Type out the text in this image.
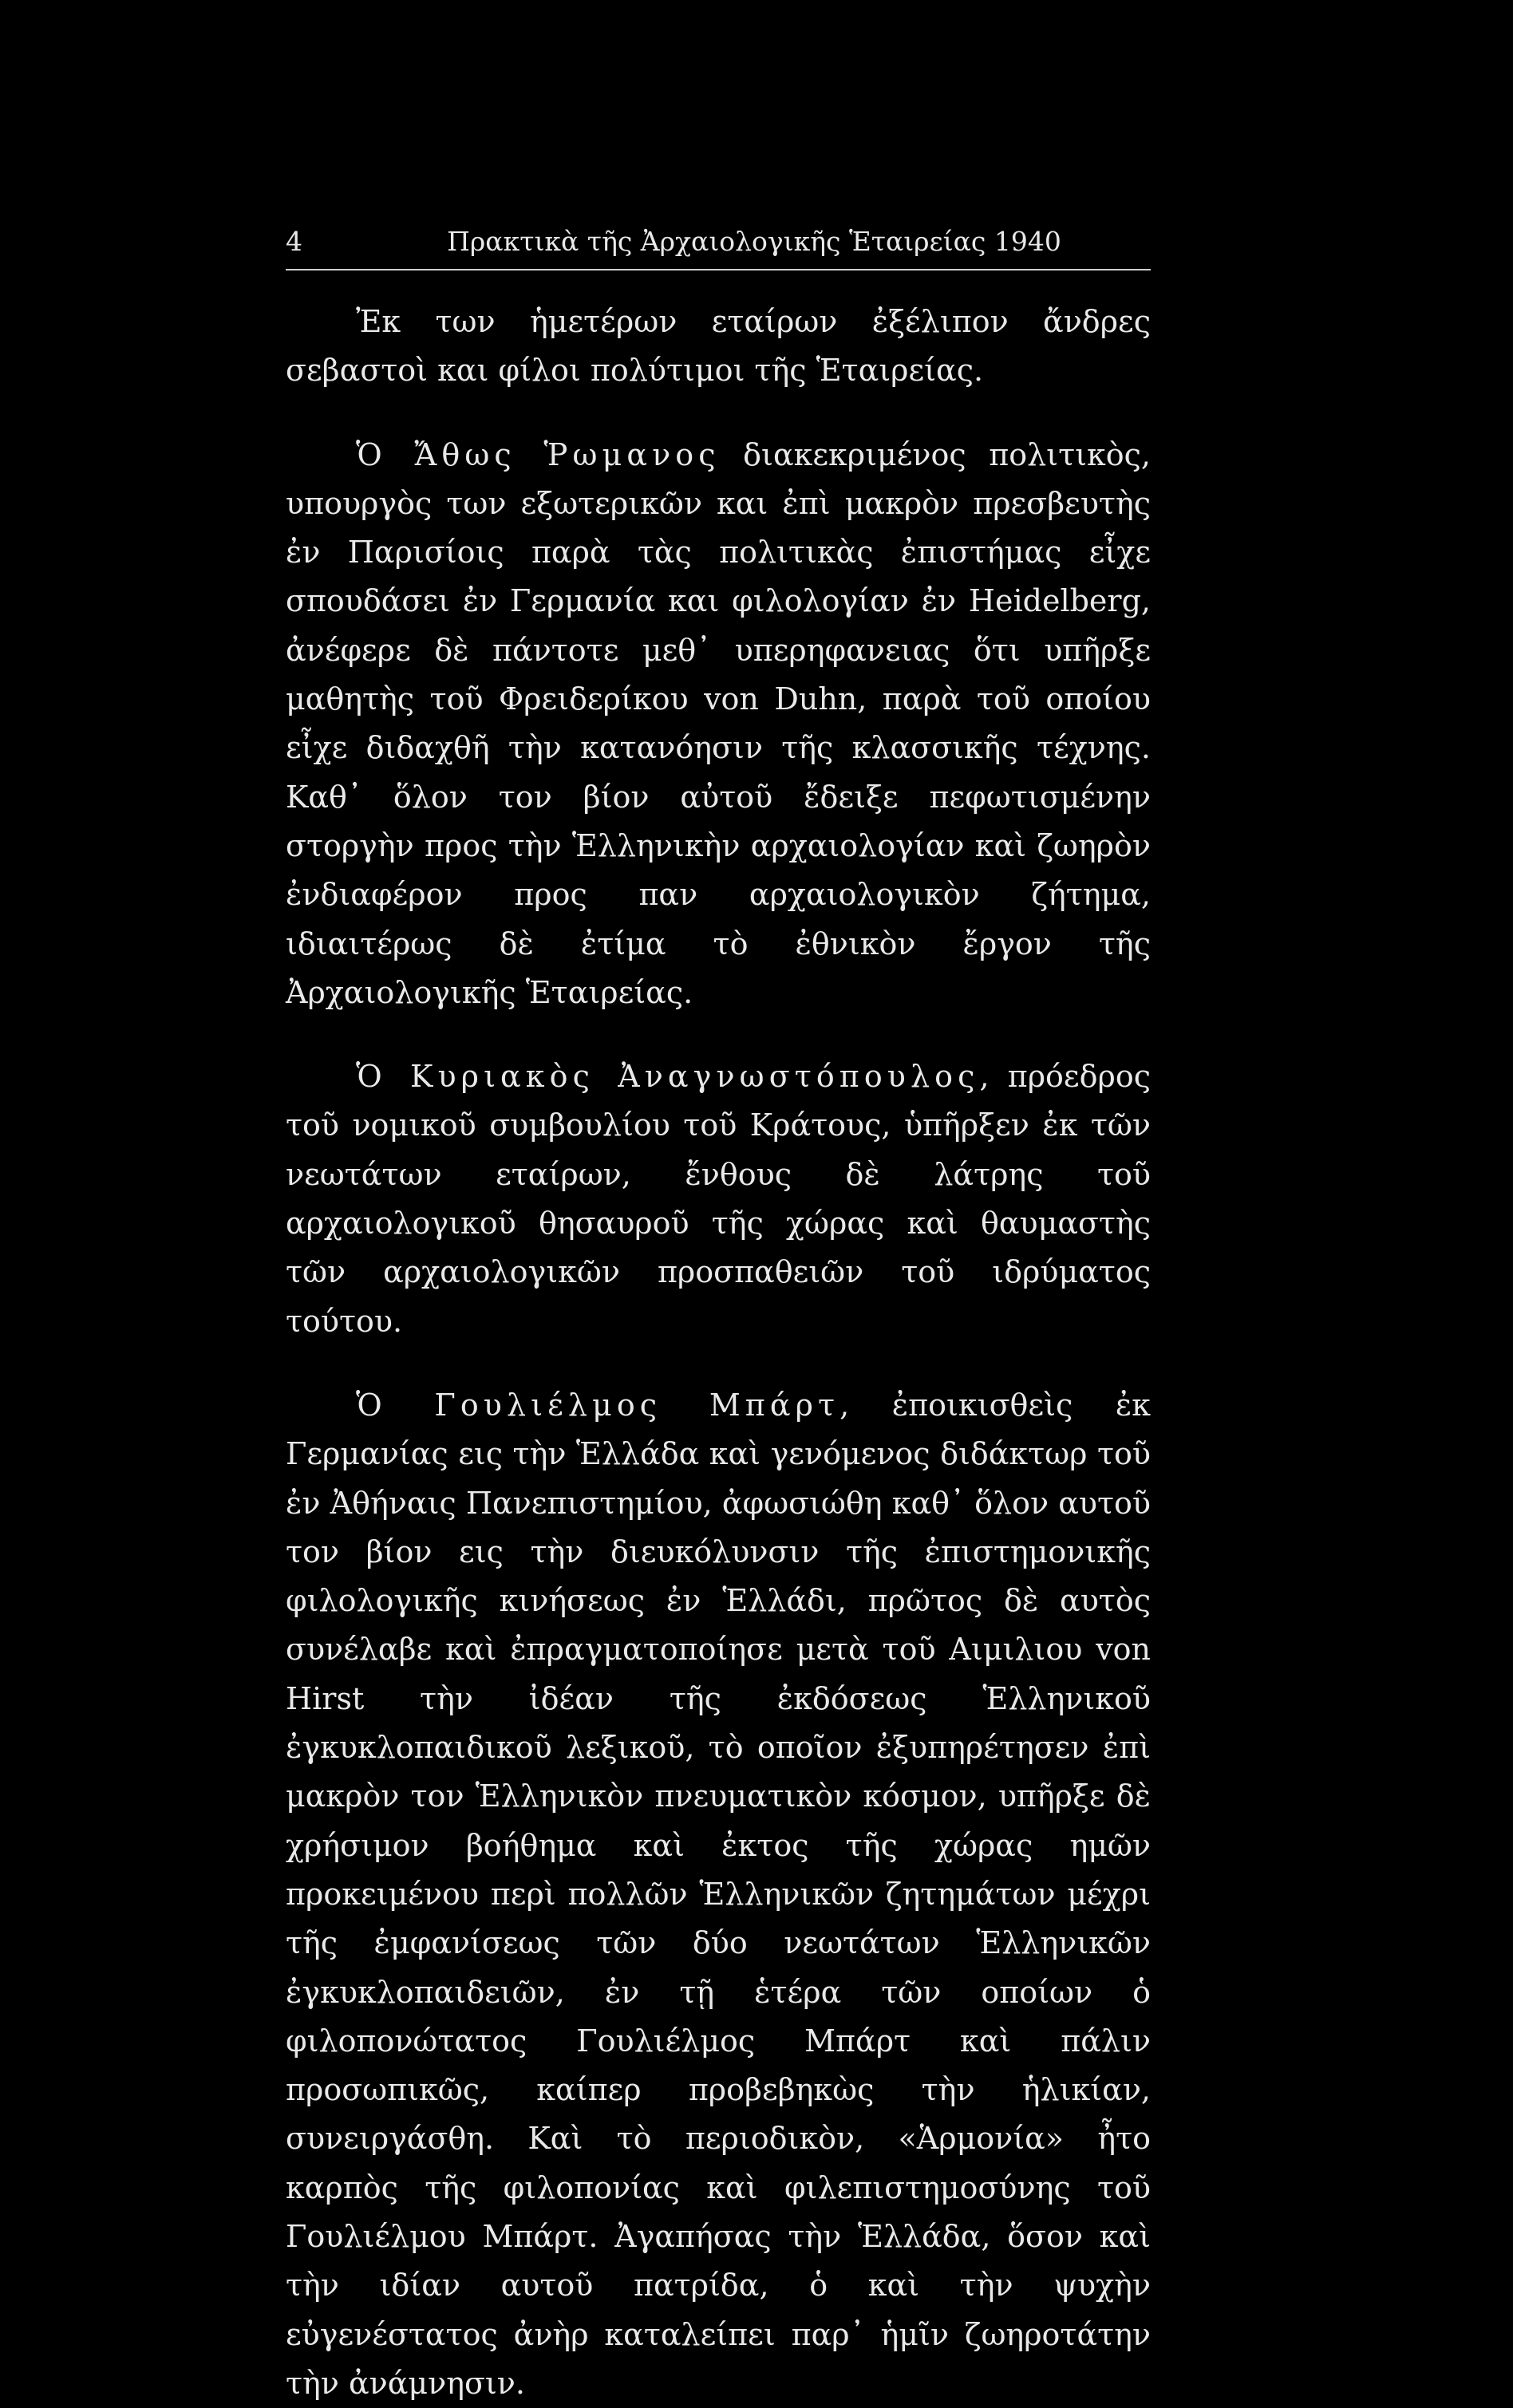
4	Πρακτικὰ τῆς Ἀρχαιολογικῆς Ἑταιρείας 1940

Ἐκ των ἡμετέρων εταίρων ἐξέλιπον ἄνδρες σεβαστοὶ και φίλοι πολύτιμοι τῆς Ἑταιρείας.

Ὁ Ἄθως Ῥωμανος διακεκριμένος πολιτικὸς, υπουργὸς των εξωτερικῶν και ἐπὶ μακρὸν πρεσβευτὴς ἐν Παρισίοις παρὰ τὰς πολιτικὰς ἐπιστήμας εἶχε σπουδάσει ἐν Γερμανία και φιλολογίαν ἐν Heidelberg, ἀνέφερε δὲ πάντοτε μεθ᾽ υπερηφανειας ὅτι υπῆρξε μαθητὴς τοῦ Φρειδερίκου von Duhn, παρὰ τοῦ οποίου εἶχε διδαχθῆ τὴν κατανόησιν τῆς κλασσικῆς τέχνης. Καθ᾽ ὅλον τον βίον αὐτοῦ ἔδειξε πεφωτισμένην στοργὴν προς τὴν Ἑλληνικὴν αρχαιολογίαν καὶ ζωηρὸν ἐνδιαφέρον προς παν αρχαιολογικὸν ζήτημα, ιδιαιτέρως δὲ ἐτίμα τὸ ἐθνικὸν ἔργον τῆς Ἀρχαιολογικῆς Ἑταιρείας.

Ὁ Κυριακὸς Ἀναγνωστόπουλος, πρόεδρος τοῦ νομικοῦ συμβουλίου τοῦ Κράτους, ὑπῆρξεν ἐκ τῶν νεωτάτων εταίρων, ἔνθους δὲ λάτρης τοῦ αρχαιολογικοῦ θησαυροῦ τῆς χώρας καὶ θαυμαστὴς τῶν αρχαιολογικῶν προσπαθειῶν τοῦ ιδρύματος τούτου.

Ὁ Γουλιέλμος Μπάρτ, ἐποικισθεὶς ἐκ Γερμανίας εις τὴν Ἑλλάδα καὶ γενόμενος διδάκτωρ τοῦ ἐν Ἀθήναις Πανεπιστημίου, ἀφωσιώθη καθ᾽ ὅλον αυτοῦ τον βίον εις τὴν διευκόλυνσιν τῆς ἐπιστημονικῆς φιλολογικῆς κινήσεως ἐν Ἑλλάδι, πρῶτος δὲ αυτὸς συνέλαβε καὶ ἐπραγματοποίησε μετὰ τοῦ Αιμιλιου von Hirst τὴν ἰδέαν τῆς ἐκδόσεως Ἑλληνικοῦ ἐγκυκλοπαιδικοῦ λεξικοῦ, τὸ οποῖον ἐξυπηρέτησεν ἐπὶ μακρὸν τον Ἑλληνικὸν πνευματικὸν κόσμον, υπῆρξε δὲ χρήσιμον βοήθημα καὶ ἐκτος τῆς χώρας ημῶν προκειμένου περὶ πολλῶν Ἑλληνικῶν ζητημάτων μέχρι τῆς ἐμφανίσεως τῶν δύο νεωτάτων Ἑλληνικῶν ἐγκυκλοπαιδειῶν, ἐν τῇ ἑτέρα τῶν οποίων ὁ φιλοπονώτατος Γουλιέλμος Μπάρτ καὶ πάλιν προσωπικῶς, καίπερ προβεβηκὼς τὴν ἡλικίαν, συνειργάσθη. Καὶ τὸ περιοδικὸν, «Ἁρμονία» ἦτο καρπὸς τῆς φιλοπονίας καὶ φιλεπιστημοσύνης τοῦ Γουλιέλμου Μπάρτ. Ἀγαπήσας τὴν Ἑλλάδα, ὅσον καὶ τὴν ιδίαν αυτοῦ πατρίδα, ὁ καὶ τὴν ψυχὴν εὐγενέστατος ἀνὴρ καταλείπει παρ᾽ ἡμῖν ζωηροτάτην τὴν ἀνάμνησιν.
